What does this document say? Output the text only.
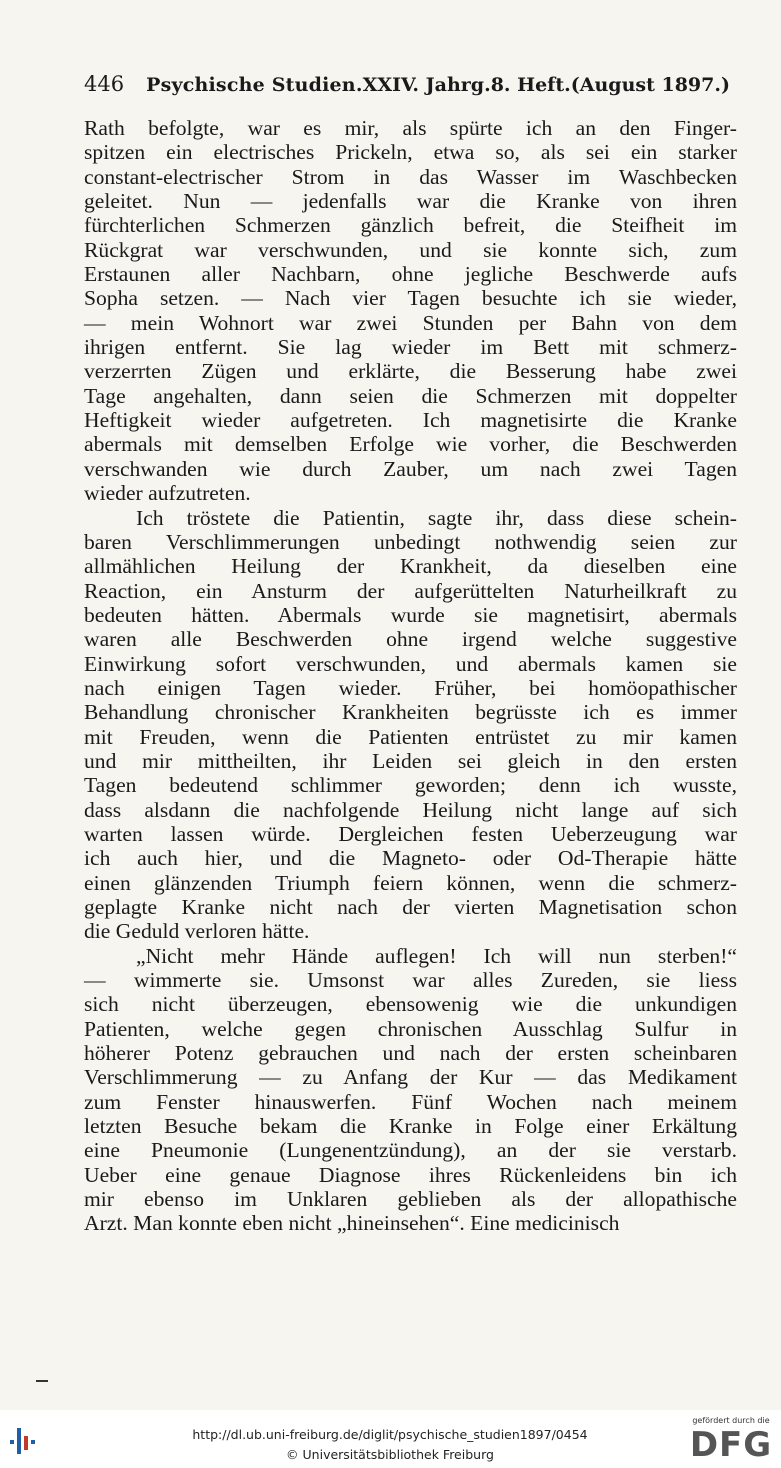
446 Psychische Studien. XXIV. Jahrg. 8. Heft. (August 1897.)
Rath befolgte, war es mir, als spürte ich an den Finger-
spitzen ein electrisches Prickeln, etwa so, als sei ein starker
constant-electrischer Strom in das Wasser im Waschbecken
geleitet. Nun — jedenfalls war die Kranke von ihren
fürchterlichen Schmerzen gänzlich befreit, die Steifheit im
Rückgrat war verschwunden, und sie konnte sich, zum
Erstaunen aller Nachbarn, ohne jegliche Beschwerde aufs
Sopha setzen. — Nach vier Tagen besuchte ich sie wieder,
— mein Wohnort war zwei Stunden per Bahn von dem
ihrigen entfernt. Sie lag wieder im Bett mit schmerz-
verzerrten Zügen und erklärte, die Besserung habe zwei
Tage angehalten, dann seien die Schmerzen mit doppelter
Heftigkeit wieder aufgetreten. Ich magnetisirte die Kranke
abermals mit demselben Erfolge wie vorher, die Beschwerden
verschwanden wie durch Zauber, um nach zwei Tagen
wieder aufzutreten.
Ich tröstete die Patientin, sagte ihr, dass diese schein-
baren Verschlimmerungen unbedingt nothwendig seien zur
allmählichen Heilung der Krankheit, da dieselben eine
Reaction, ein Ansturm der aufgerüttelten Naturheilkraft zu
bedeuten hätten. Abermals wurde sie magnetisirt, abermals
waren alle Beschwerden ohne irgend welche suggestive
Einwirkung sofort verschwunden, und abermals kamen sie
nach einigen Tagen wieder. Früher, bei homöopathischer
Behandlung chronischer Krankheiten begrüsste ich es immer
mit Freuden, wenn die Patienten entrüstet zu mir kamen
und mir mittheilten, ihr Leiden sei gleich in den ersten
Tagen bedeutend schlimmer geworden; denn ich wusste,
dass alsdann die nachfolgende Heilung nicht lange auf sich
warten lassen würde. Dergleichen festen Ueberzeugung war
ich auch hier, und die Magneto- oder Od-Therapie hätte
einen glänzenden Triumph feiern können, wenn die schmerz-
geplagte Kranke nicht nach der vierten Magnetisation schon
die Geduld verloren hätte.
„Nicht mehr Hände auflegen! Ich will nun sterben!“
— wimmerte sie. Umsonst war alles Zureden, sie liess
sich nicht überzeugen, ebensowenig wie die unkundigen
Patienten, welche gegen chronischen Ausschlag Sulfur in
höherer Potenz gebrauchen und nach der ersten scheinbaren
Verschlimmerung — zu Anfang der Kur — das Medikament
zum Fenster hinauswerfen. Fünf Wochen nach meinem
letzten Besuche bekam die Kranke in Folge einer Erkältung
eine Pneumonie (Lungenentzündung), an der sie verstarb.
Ueber eine genaue Diagnose ihres Rückenleidens bin ich
mir ebenso im Unklaren geblieben als der allopathische
Arzt. Man konnte eben nicht „hineinsehen“. Eine medicinisch
http://dl.ub.uni-freiburg.de/diglit/psychische_studien1897/0454
© Universitätsbibliothek Freiburg
gefördert durch die
DFG
